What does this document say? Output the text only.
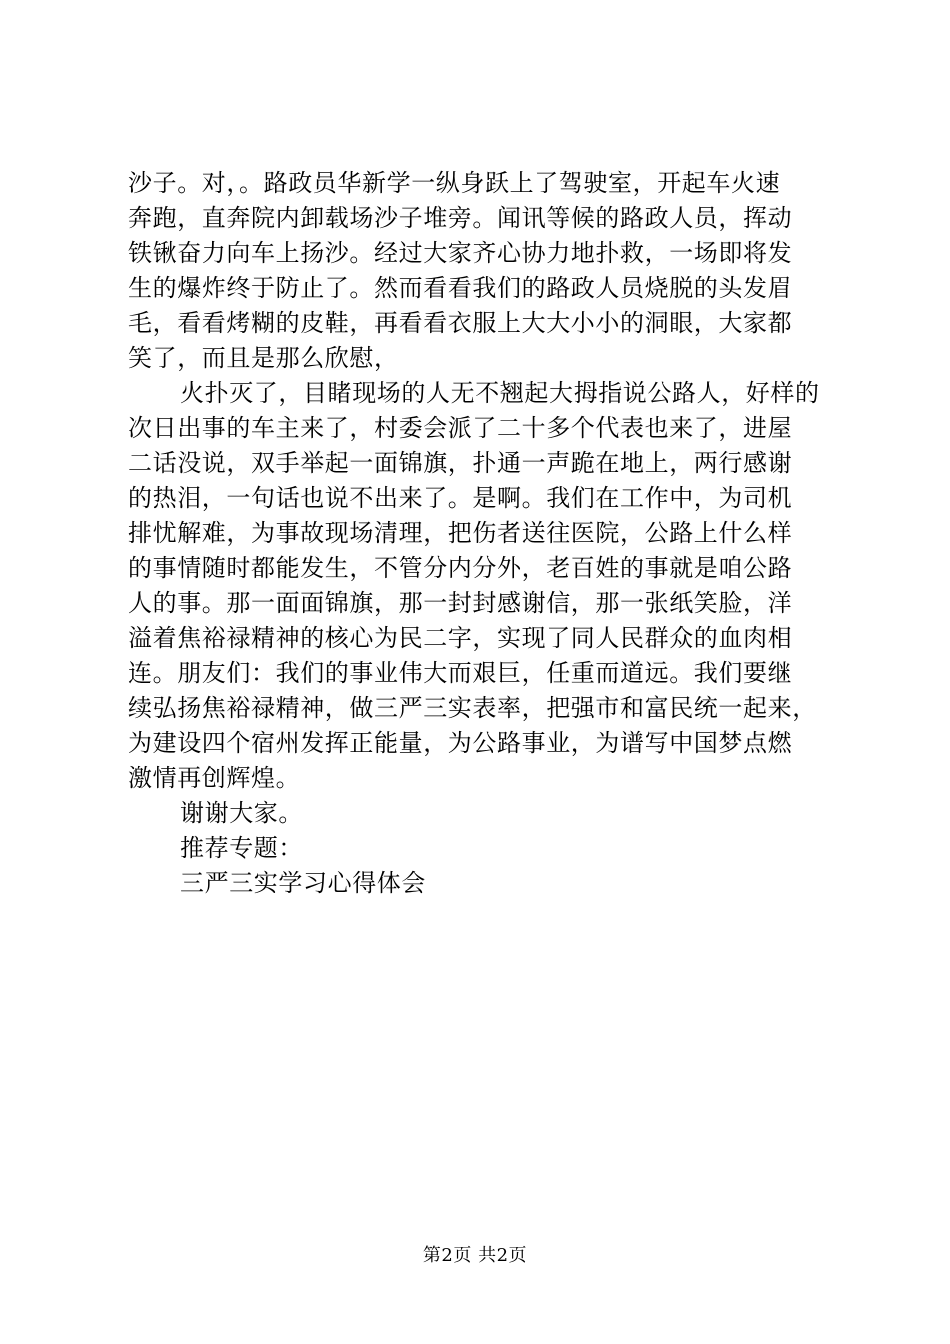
沙子。对，。路政员华新学一纵身跃上了驾驶室，开起车火速
奔跑，直奔院内卸载场沙子堆旁。闻讯等候的路政人员，挥动
铁锹奋力向车上扬沙。经过大家齐心协力地扑救，一场即将发
生的爆炸终于防止了。然而看看我们的路政人员烧脱的头发眉
毛，看看烤糊的皮鞋，再看看衣服上大大小小的洞眼，大家都
笑了，而且是那么欣慰，
火扑灭了，目睹现场的人无不翘起大拇指说公路人，好样的
次日出事的车主来了，村委会派了二十多个代表也来了，进屋
二话没说，双手举起一面锦旗，扑通一声跪在地上，两行感谢
的热泪，一句话也说不出来了。是啊。我们在工作中，为司机
排忧解难，为事故现场清理，把伤者送往医院，公路上什么样
的事情随时都能发生，不管分内分外，老百姓的事就是咱公路
人的事。那一面面锦旗，那一封封感谢信，那一张纸笑脸，洋
溢着焦裕禄精神的核心为民二字，实现了同人民群众的血肉相
连。朋友们：我们的事业伟大而艰巨，任重而道远。我们要继
续弘扬焦裕禄精神，做三严三实表率，把强市和富民统一起来，
为建设四个宿州发挥正能量，为公路事业，为谱写中国梦点燃
激情再创辉煌。
谢谢大家。
推荐专题：
三严三实学习心得体会
第2页 共2页
